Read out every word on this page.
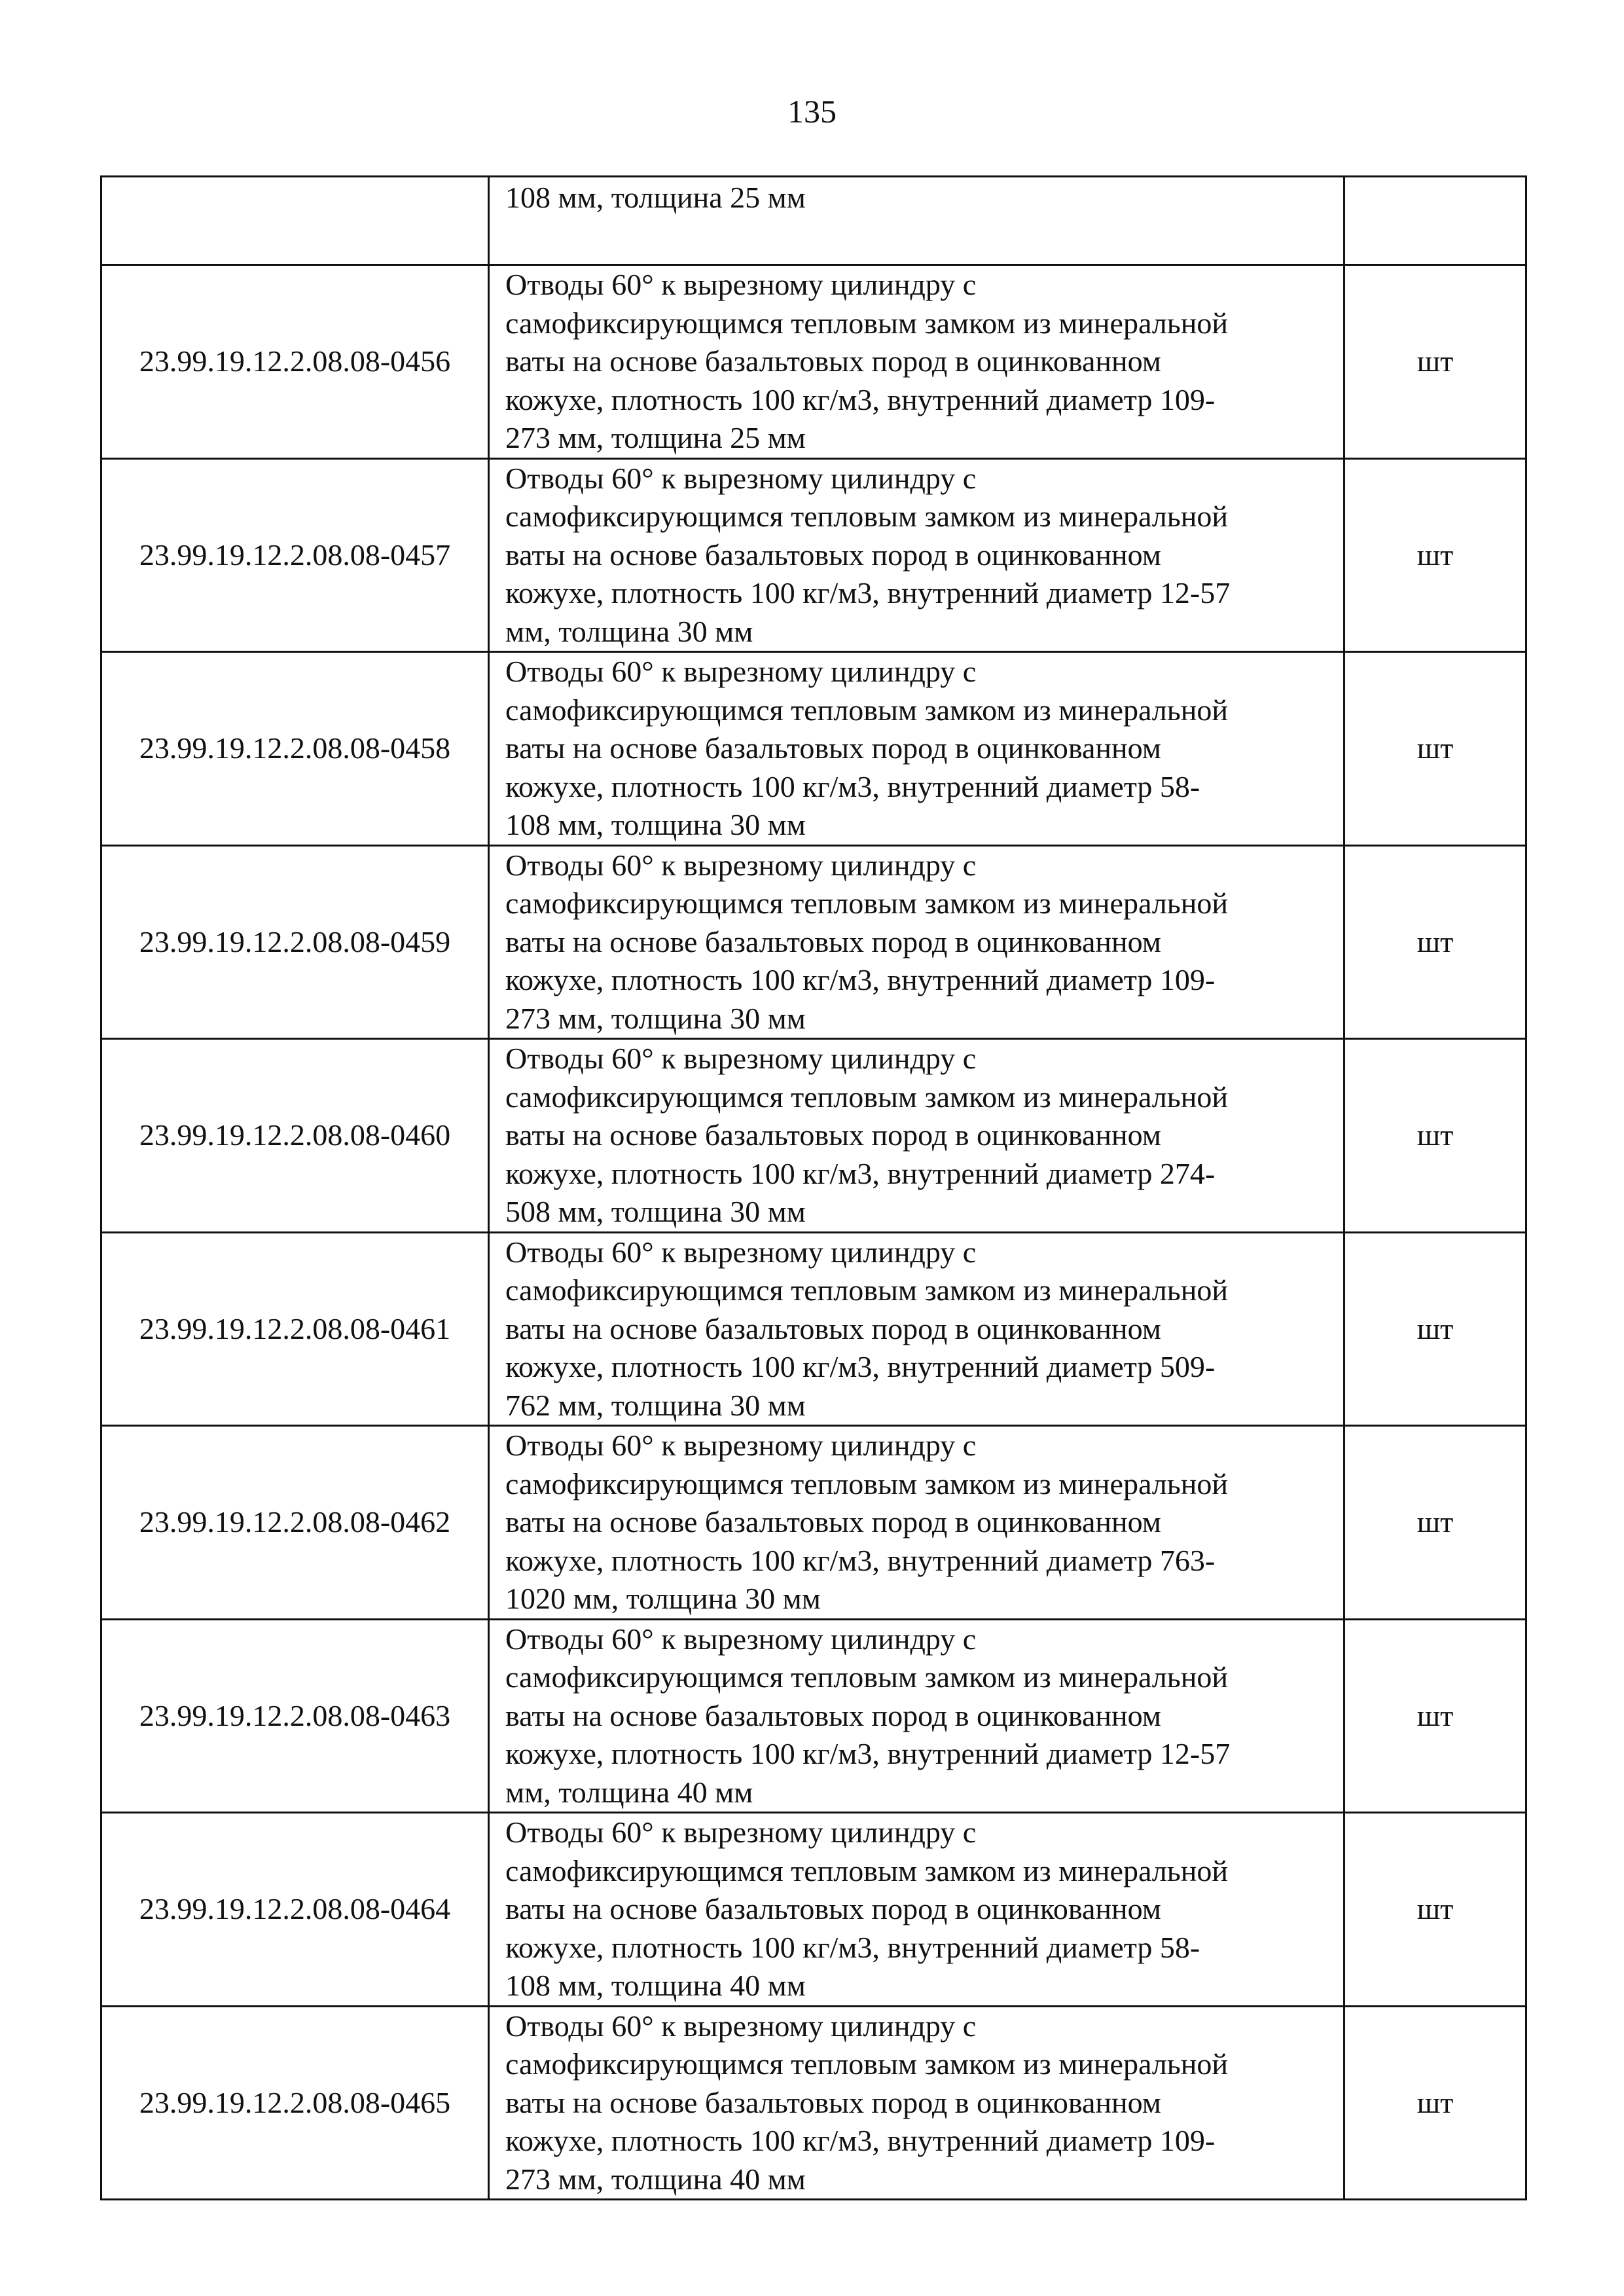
135

	108 мм, толщина 25 мм	

23.99.19.12.2.08.08-0456	Отводы 60° к вырезному цилиндру с
самофиксирующимся тепловым замком из минеральной
ваты на основе базальтовых пород в оцинкованном
кожухе, плотность 100 кг/м3, внутренний диаметр 109-
273 мм, толщина 25 мм	шт
23.99.19.12.2.08.08-0457	Отводы 60° к вырезному цилиндру с
самофиксирующимся тепловым замком из минеральной
ваты на основе базальтовых пород в оцинкованном
кожухе, плотность 100 кг/м3, внутренний диаметр 12-57
мм, толщина 30 мм	шт
23.99.19.12.2.08.08-0458	Отводы 60° к вырезному цилиндру с
самофиксирующимся тепловым замком из минеральной
ваты на основе базальтовых пород в оцинкованном
кожухе, плотность 100 кг/м3, внутренний диаметр 58-
108 мм, толщина 30 мм	шт
23.99.19.12.2.08.08-0459	Отводы 60° к вырезному цилиндру с
самофиксирующимся тепловым замком из минеральной
ваты на основе базальтовых пород в оцинкованном
кожухе, плотность 100 кг/м3, внутренний диаметр 109-
273 мм, толщина 30 мм	шт
23.99.19.12.2.08.08-0460	Отводы 60° к вырезному цилиндру с
самофиксирующимся тепловым замком из минеральной
ваты на основе базальтовых пород в оцинкованном
кожухе, плотность 100 кг/м3, внутренний диаметр 274-
508 мм, толщина 30 мм	шт
23.99.19.12.2.08.08-0461	Отводы 60° к вырезному цилиндру с
самофиксирующимся тепловым замком из минеральной
ваты на основе базальтовых пород в оцинкованном
кожухе, плотность 100 кг/м3, внутренний диаметр 509-
762 мм, толщина 30 мм	шт
23.99.19.12.2.08.08-0462	Отводы 60° к вырезному цилиндру с
самофиксирующимся тепловым замком из минеральной
ваты на основе базальтовых пород в оцинкованном
кожухе, плотность 100 кг/м3, внутренний диаметр 763-
1020 мм, толщина 30 мм	шт
23.99.19.12.2.08.08-0463	Отводы 60° к вырезному цилиндру с
самофиксирующимся тепловым замком из минеральной
ваты на основе базальтовых пород в оцинкованном
кожухе, плотность 100 кг/м3, внутренний диаметр 12-57
мм, толщина 40 мм	шт
23.99.19.12.2.08.08-0464	Отводы 60° к вырезному цилиндру с
самофиксирующимся тепловым замком из минеральной
ваты на основе базальтовых пород в оцинкованном
кожухе, плотность 100 кг/м3, внутренний диаметр 58-
108 мм, толщина 40 мм	шт
23.99.19.12.2.08.08-0465	Отводы 60° к вырезному цилиндру с
самофиксирующимся тепловым замком из минеральной
ваты на основе базальтовых пород в оцинкованном
кожухе, плотность 100 кг/м3, внутренний диаметр 109-
273 мм, толщина 40 мм	шт
